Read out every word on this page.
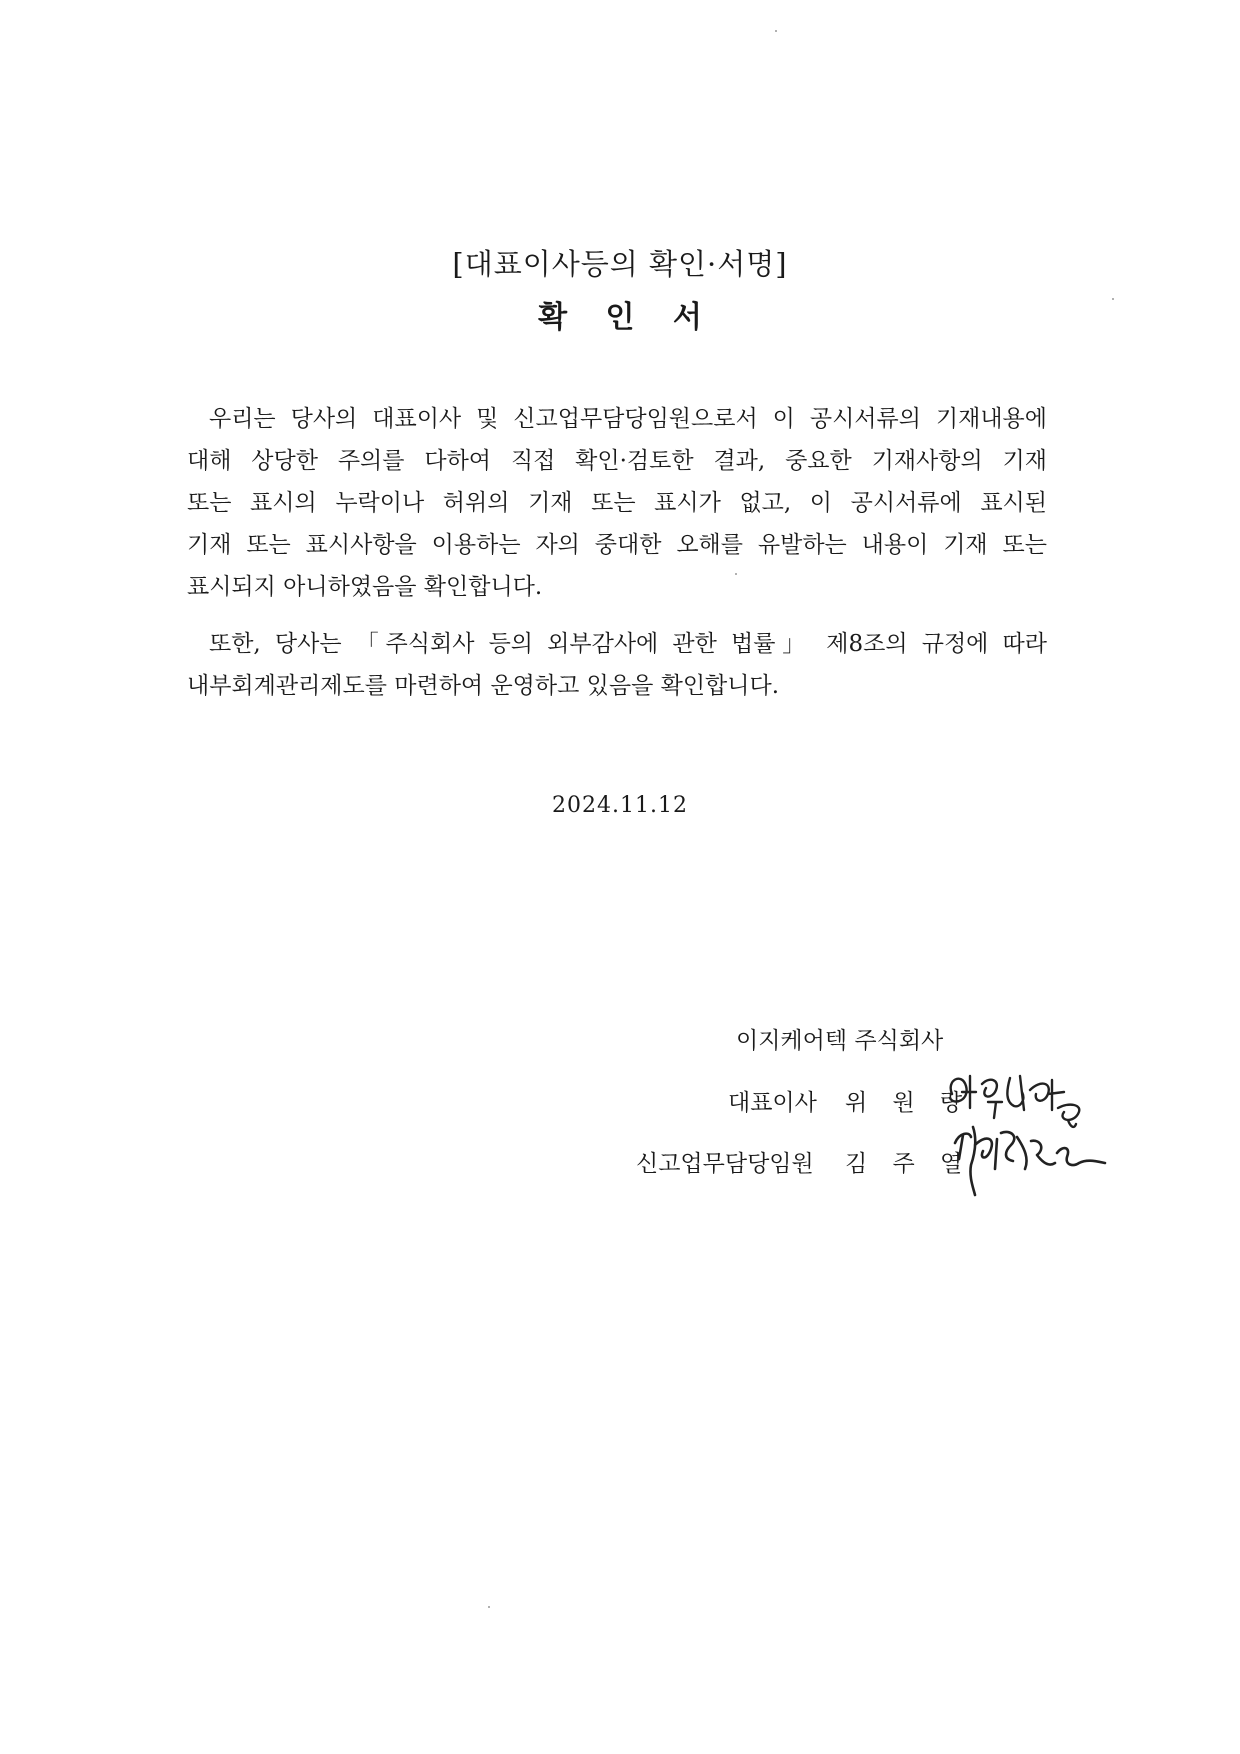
[대표이사등의 확인·서명]
확 인 서
우리는 당사의 대표이사 및 신고업무담당임원으로서 이 공시서류의 기재내용에
대해 상당한 주의를 다하여 직접 확인·검토한 결과, 중요한 기재사항의 기재
또는 표시의 누락이나 허위의 기재 또는 표시가 없고, 이 공시서류에 표시된
기재 또는 표시사항을 이용하는 자의 중대한 오해를 유발하는 내용이 기재 또는
표시되지 아니하였음을 확인합니다.
또한, 당사는 「주식회사 등의 외부감사에 관한 법률」 제8조의 규정에 따라
내부회계관리제도를 마련하여 운영하고 있음을 확인합니다.
2024.11.12
이지케어텍 주식회사
대표이사 위 원 량
신고업무담당임원 김 주 열
